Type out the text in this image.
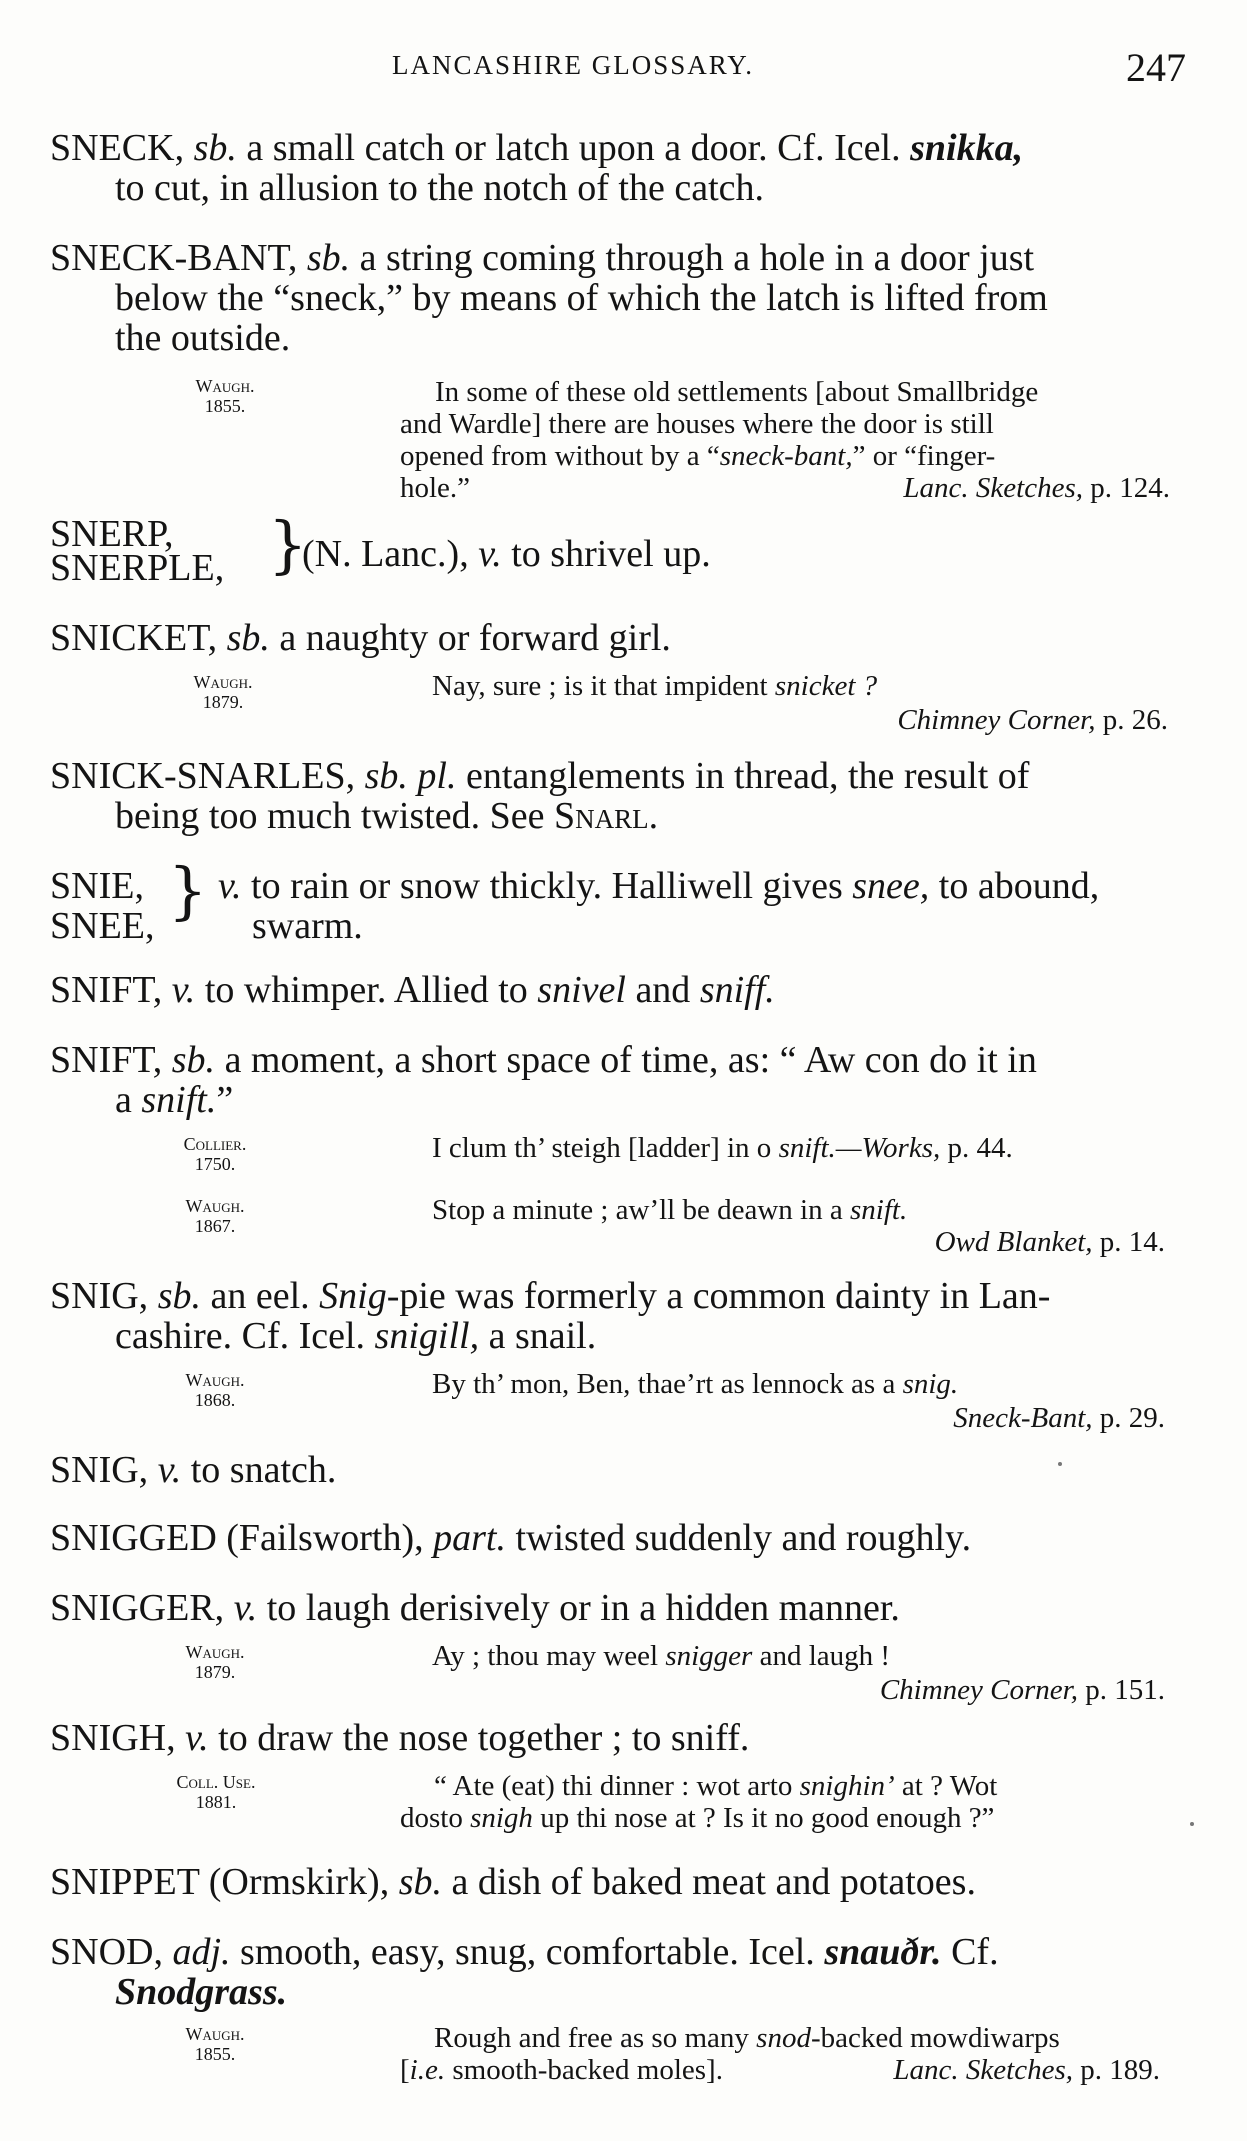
LANCASHIRE GLOSSARY.	247
SNECK, sb. a small catch or latch upon a door. Cf. Icel. snikka,
to cut, in allusion to the notch of the catch.
SNECK-BANT, sb. a string coming through a hole in a door just
below the “sneck,” by means of which the latch is lifted from
the outside.
Waugh.
1855.	In some of these old settlements [about Smallbridge
and Wardle] there are houses where the door is still
opened from without by a “sneck-bant,” or “finger-
hole.”	Lanc. Sketches, p. 124.
SNERP,
SNERPLE, }
(N. Lanc.), v. to shrivel up.
SNICKET, sb. a naughty or forward girl.
Waugh.
1879.	Nay, sure ; is it that impident snicket ?
Chimney Corner, p. 26.
SNICK-SNARLES, sb. pl. entanglements in thread, the result of
being too much twisted. See Snarl.
SNIE,
SNEE, } v. to rain or snow thickly. Halliwell gives snee, to abound,
swarm.
SNIFT, v. to whimper. Allied to snivel and sniff.
SNIFT, sb. a moment, a short space of time, as: “ Aw con do it in
a snift.”
Collier.
1750.	I clum th’ steigh [ladder] in o snift.—Works, p. 44.
Waugh.
1867.	Stop a minute ; aw’ll be deawn in a snift.
Owd Blanket, p. 14.
SNIG, sb. an eel. Snig-pie was formerly a common dainty in Lan-
cashire. Cf. Icel. snigill, a snail.
Waugh.
1868.	By th’ mon, Ben, thae’rt as lennock as a snig.
Sneck-Bant, p. 29.
SNIG, v. to snatch.
SNIGGED (Failsworth), part. twisted suddenly and roughly.
SNIGGER, v. to laugh derisively or in a hidden manner.
Waugh.
1879.	Ay ; thou may weel snigger and laugh !
Chimney Corner, p. 151.
SNIGH, v. to draw the nose together ; to sniff.
Coll. Use.
1881.	“ Ate (eat) thi dinner : wot arto snighin’ at ? Wot
dosto snigh up thi nose at ? Is it no good enough ?”
SNIPPET (Ormskirk), sb. a dish of baked meat and potatoes.
SNOD, adj. smooth, easy, snug, comfortable. Icel. snauðr. Cf.
Snodgrass.
Waugh.
1855.	Rough and free as so many snod-backed mowdiwarps
[i.e. smooth-backed moles].	Lanc. Sketches, p. 189.
